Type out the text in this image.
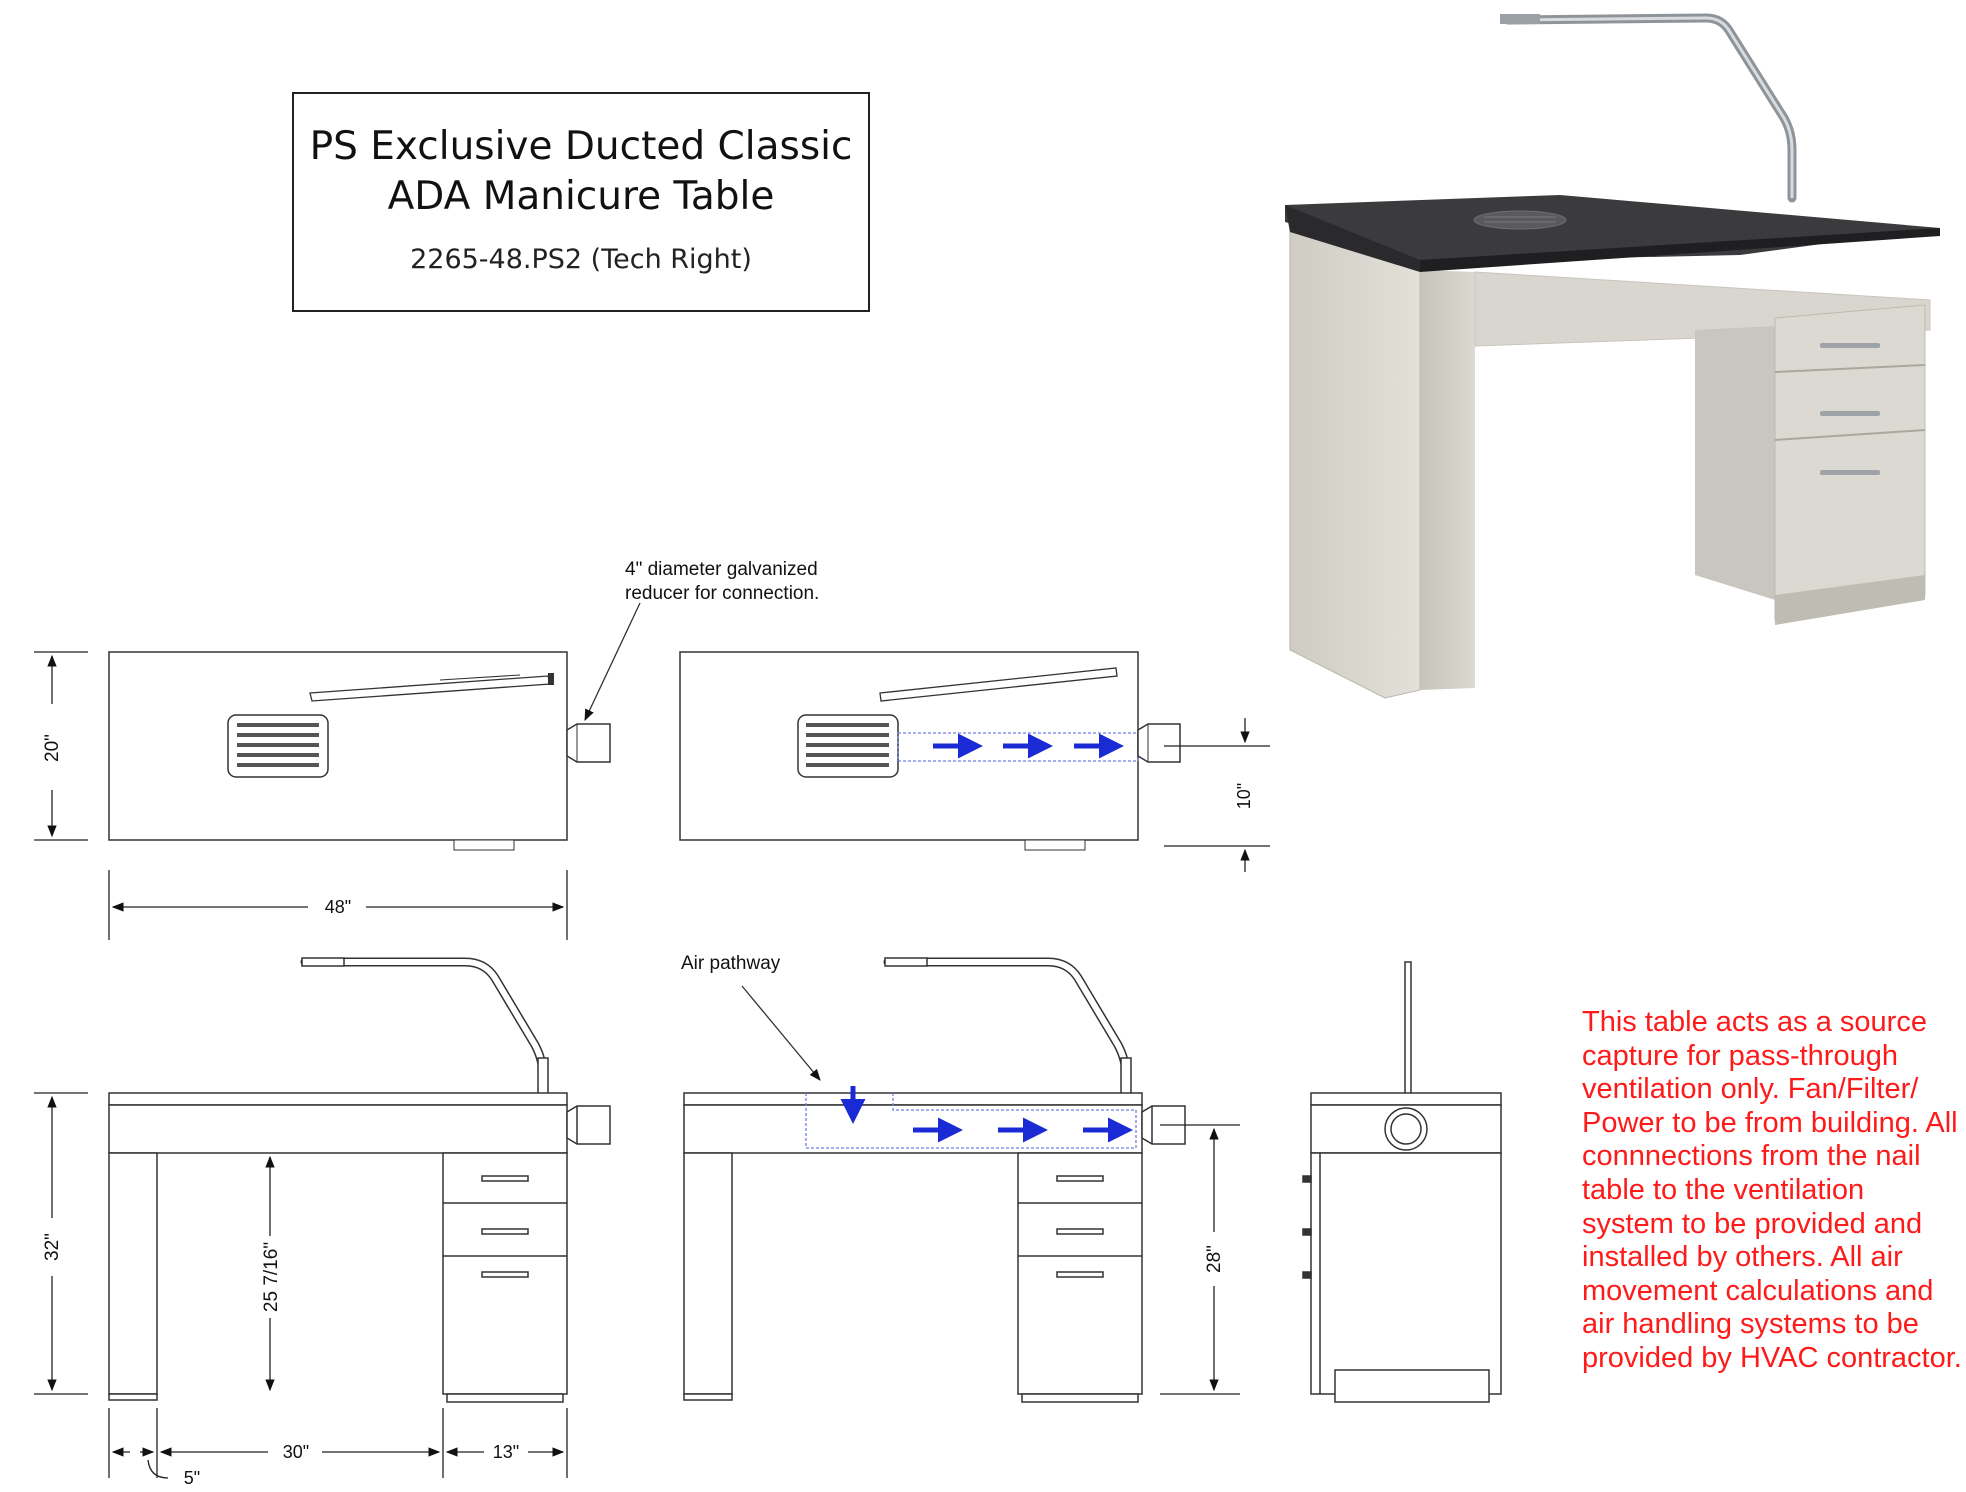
PS Exclusive Ducted Classic
ADA Manicure Table
2265-48.PS2 (Tech Right)
20"
48"
10"
4" diameter galvanized
reducer for connection.
Air pathway
32"	25 7/16"	28"
5"
30"	13"
This table acts as a source capture for pass-through ventilation only. Fan/Filter/ Power to be from building. All connnections from the nail table to the ventilation system to be provided and installed by others. All air movement calculations and air handling systems to be provided by HVAC contractor.
